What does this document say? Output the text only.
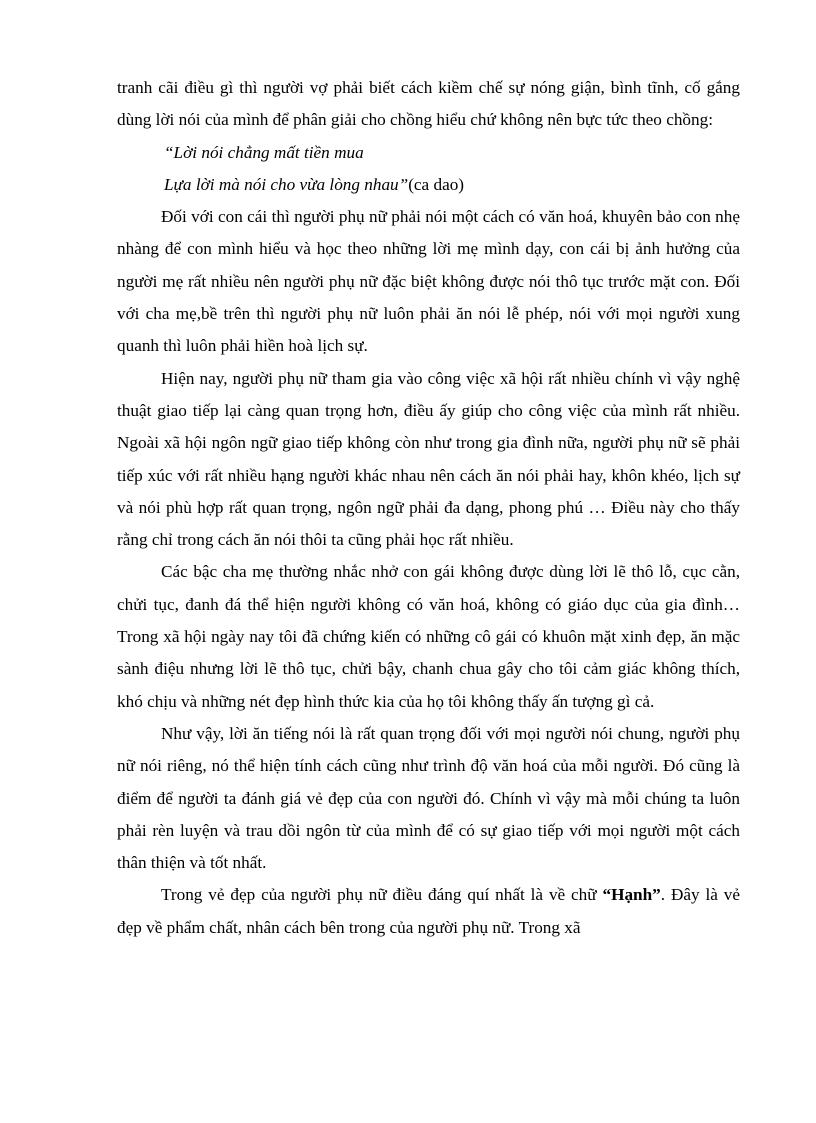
tranh cãi điều gì thì người vợ phải biết cách kiềm chế sự nóng giận, bình tĩnh, cố gắng dùng lời nói của mình để phân giải cho chồng hiểu chứ không nên bực tức theo chồng:

“Lời nói chẳng mất tiền mua

Lựa lời mà nói cho vừa lòng nhau”(ca dao)

Đối với con cái thì người phụ nữ phải nói một cách có văn hoá, khuyên bảo con nhẹ nhàng để con mình hiểu và học theo những lời mẹ mình dạy, con cái bị ảnh hưởng của người mẹ rất nhiều nên người phụ nữ đặc biệt không được nói thô tục trước mặt con. Đối với cha mẹ,bề trên thì người phụ nữ luôn phải ăn nói lễ phép, nói với mọi người xung quanh thì luôn phải hiền hoà lịch sự.

Hiện nay, người phụ nữ tham gia vào công việc xã hội rất nhiều chính vì vậy nghệ thuật giao tiếp lại càng quan trọng hơn, điều ấy giúp cho công việc của mình rất nhiều. Ngoài xã hội ngôn ngữ giao tiếp không còn như trong gia đình nữa, người phụ nữ sẽ phải tiếp xúc với rất nhiều hạng người khác nhau nên cách ăn nói phải hay, khôn khéo, lịch sự và nói phù hợp rất quan trọng, ngôn ngữ phải đa dạng, phong phú … Điều này cho thấy rằng chỉ trong cách ăn nói thôi ta cũng phải học rất nhiều.

Các bậc cha mẹ thường nhắc nhở con gái không được dùng lời lẽ thô lỗ, cục cằn, chửi tục, đanh đá thể hiện người không có văn hoá, không có giáo dục của gia đình… Trong xã hội ngày nay tôi đã chứng kiến có những cô gái có khuôn mặt xinh đẹp, ăn mặc sành điệu nhưng lời lẽ thô tục, chửi bậy, chanh chua gây cho tôi cảm giác không thích, khó chịu và những nét đẹp hình thức kia của họ tôi không thấy ấn tượng gì cả.

Như vậy, lời ăn tiếng nói là rất quan trọng đối với mọi người nói chung, người phụ nữ nói riêng, nó thể hiện tính cách cũng như trình độ văn hoá của mỗi người. Đó cũng là điểm để người ta đánh giá vẻ đẹp của con người đó. Chính vì vậy mà mỗi chúng ta luôn phải rèn luyện và trau dồi ngôn từ của mình để có sự giao tiếp với mọi người một cách thân thiện và tốt nhất.

Trong vẻ đẹp của người phụ nữ điều đáng quí nhất là về chữ “Hạnh”. Đây là vẻ đẹp về phẩm chất, nhân cách bên trong của người phụ nữ. Trong xã
